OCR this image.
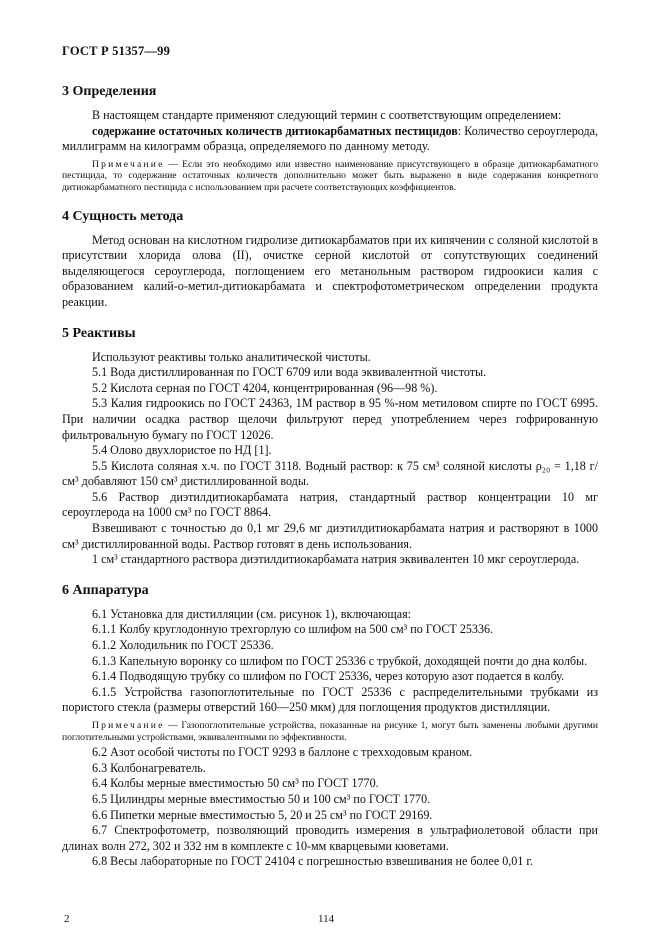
ГОСТ Р 51357—99
3 Определения

В настоящем стандарте применяют следующий термин с соответствующим определением:

содержание остаточных количеств дитиокарбаматных пестицидов: Количество сероуглерода, миллиграмм на килограмм образца, определяемого по данному методу.

Примечание — Если это необходимо или известно наименование присутствующего в образце дитиокарбаматного пестицида, то содержание остаточных количеств дополнительно может быть выражено в виде содержания конкретного дитиокарбаматного пестицида с использованием при расчете соответствующих коэффициентов.

4 Сущность метода

Метод основан на кислотном гидролизе дитиокарбаматов при их кипячении с соляной кислотой в присутствии хлорида олова (II), очистке серной кислотой от сопутствующих соединений выделяющегося сероуглерода, поглощением его метанольным раствором гидроокиси калия с образованием калий-о-метил-дитиокарбамата и спектрофотометрическом определении продукта реакции.

5 Реактивы

Используют реактивы только аналитической чистоты.

5.1 Вода дистиллированная по ГОСТ 6709 или вода эквивалентной чистоты.

5.2 Кислота серная по ГОСТ 4204, концентрированная (96—98 %).

5.3 Калия гидроокись по ГОСТ 24363, 1М раствор в 95 %-ном метиловом спирте по ГОСТ 6995. При наличии осадка раствор щелочи фильтруют перед употреблением через гофрированную фильтровальную бумагу по ГОСТ 12026.

5.4 Олово двухлористое по НД [1].

5.5 Кислота соляная х.ч. по ГОСТ 3118. Водный раствор: к 75 см³ соляной кислоты ρ₂₀ = 1,18 г/см³ добавляют 150 см³ дистиллированной воды.

5.6 Раствор диэтилдитиокарбамата натрия, стандартный раствор концентрации 10 мг сероуглерода на 1000 см³ по ГОСТ 8864.

Взвешивают с точностью до 0,1 мг 29,6 мг диэтилдитиокарбамата натрия и растворяют в 1000 см³ дистиллированной воды. Раствор готовят в день использования.

1 см³ стандартного раствора диэтилдитиокарбамата натрия эквивалентен 10 мкг сероуглерода.

6 Аппаратура

6.1 Установка для дистилляции (см. рисунок 1), включающая:

6.1.1 Колбу круглодонную трехгорлую со шлифом на 500 см³ по ГОСТ 25336.

6.1.2 Холодильник по ГОСТ 25336.

6.1.3 Капельную воронку со шлифом по ГОСТ 25336 с трубкой, доходящей почти до дна колбы.

6.1.4 Подводящую трубку со шлифом по ГОСТ 25336, через которую азот подается в колбу.

6.1.5 Устройства газопоглотительные по ГОСТ 25336 с распределительными трубками из пористого стекла (размеры отверстий 160—250 мкм) для поглощения продуктов дистилляции.

Примечание — Газопоглотительные устройства, показанные на рисунке 1, могут быть заменены любыми другими поглотительными устройствами, эквивалентными по эффективности.

6.2 Азот особой чистоты по ГОСТ 9293 в баллоне с трехходовым краном.

6.3 Колбонагреватель.

6.4 Колбы мерные вместимостью 50 см³ по ГОСТ 1770.

6.5 Цилиндры мерные вместимостью 50 и 100 см³ по ГОСТ 1770.

6.6 Пипетки мерные вместимостью 5, 20 и 25 см³ по ГОСТ 29169.

6.7 Спектрофотометр, позволяющий проводить измерения в ультрафиолетовой области при длинах волн 272, 302 и 332 нм в комплекте с 10-мм кварцевыми кюветами.

6.8 Весы лабораторные по ГОСТ 24104 с погрешностью взвешивания не более 0,01 г.

2	114
